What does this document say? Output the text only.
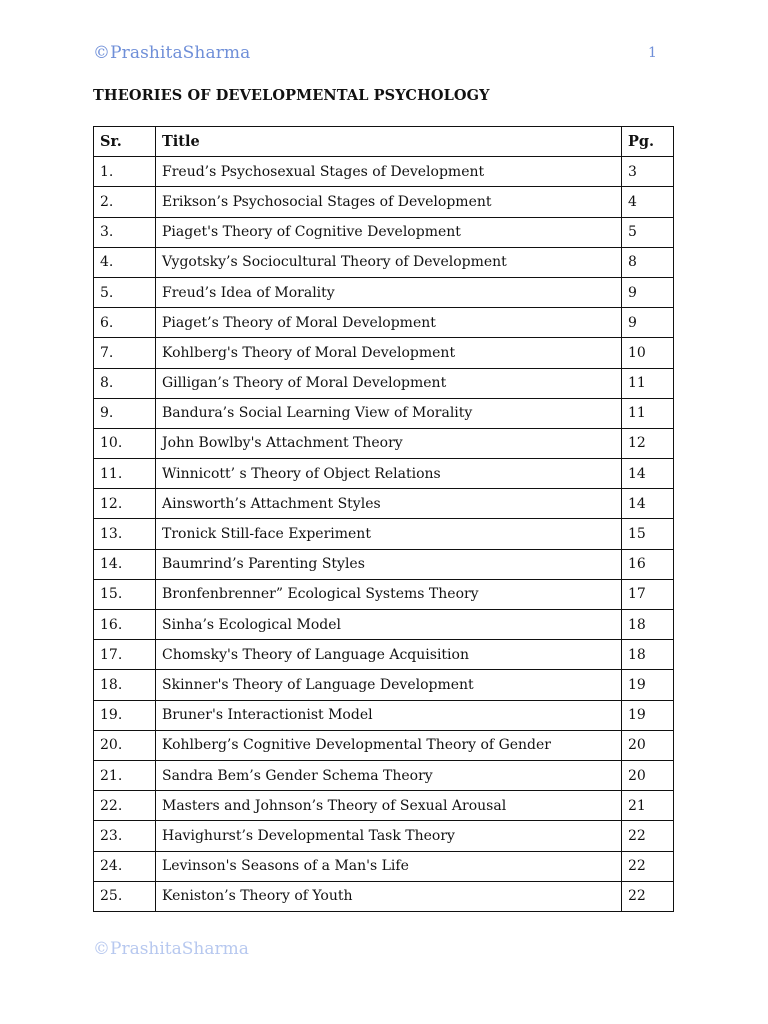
©PrashitaSharma	1
THEORIES OF DEVELOPMENTAL PSYCHOLOGY
Sr.	Title	Pg.
1.	Freud’s Psychosexual Stages of Development	3
2.	Erikson’s Psychosocial Stages of Development	4
3.	Piaget's Theory of Cognitive Development	5
4.	Vygotsky’s Sociocultural Theory of Development	8
5.	Freud’s Idea of Morality	9
6.	Piaget’s Theory of Moral Development	9
7.	Kohlberg's Theory of Moral Development	10
8.	Gilligan’s Theory of Moral Development	11
9.	Bandura’s Social Learning View of Morality	11
10.	John Bowlby's Attachment Theory	12
11.	Winnicott’ s Theory of Object Relations	14
12.	Ainsworth’s Attachment Styles	14
13.	Tronick Still-face Experiment	15
14.	Baumrind’s Parenting Styles	16
15.	Bronfenbrenner” Ecological Systems Theory	17
16.	Sinha’s Ecological Model	18
17.	Chomsky's Theory of Language Acquisition	18
18.	Skinner's Theory of Language Development	19
19.	Bruner's Interactionist Model	19
20.	Kohlberg’s Cognitive Developmental Theory of Gender	20
21.	Sandra Bem’s Gender Schema Theory	20
22.	Masters and Johnson’s Theory of Sexual Arousal	21
23.	Havighurst’s Developmental Task Theory	22
24.	Levinson's Seasons of a Man's Life	22
25.	Keniston’s Theory of Youth	22
©PrashitaSharma
